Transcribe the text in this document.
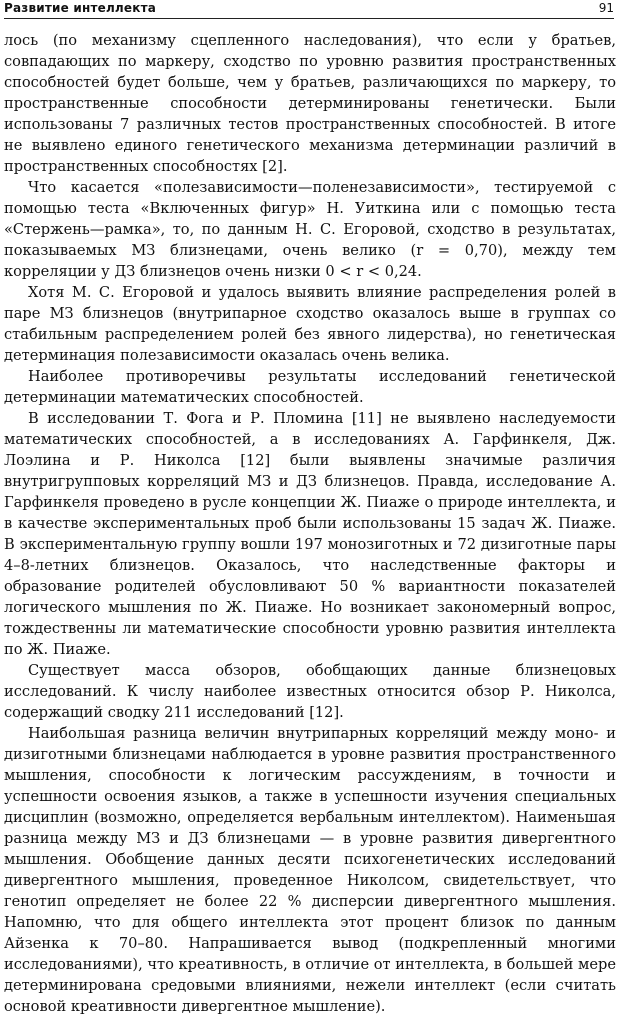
Развитие интеллекта	91

лось (по механизму сцепленного наследования), что если у братьев, совпадающих по маркеру, сходство по уровню развития пространственных способностей будет больше, чем у братьев, различающихся по маркеру, то пространственные способности детерминированы генетически. Были использованы 7 различных тестов пространственных способностей. В итоге не выявлено единого генетического механизма детерминации различий в пространственных способностях [2].

Что касается «полезависимости—поленезависимости», тестируемой с помощью теста «Включенных фигур» Н. Уиткина или с помощью теста «Стержень—рамка», то, по данным Н. С. Егоровой, сходство в результатах, показываемых МЗ близнецами, очень велико (r = 0,70), между тем корреляции у ДЗ близнецов очень низки 0 < r < 0,24.

Хотя М. С. Егоровой и удалось выявить влияние распределения ролей в паре МЗ близнецов (внутрипарное сходство оказалось выше в группах со стабильным распределением ролей без явного лидерства), но генетическая детерминация полезависимости оказалась очень велика.

Наиболее противоречивы результаты исследований генетической детерминации математических способностей.

В исследовании Т. Фога и Р. Пломина [11] не выявлено наследуемости математических способностей, а в исследованиях А. Гарфинкеля, Дж. Лоэлина и Р. Николса [12] были выявлены значимые различия внутригрупповых корреляций МЗ и ДЗ близнецов. Правда, исследование А. Гарфинкеля проведено в русле концепции Ж. Пиаже о природе интеллекта, и в качестве экспериментальных проб были использованы 15 задач Ж. Пиаже. В экспериментальную группу вошли 197 монозиготных и 72 дизиготные пары 4–8-летних близнецов. Оказалось, что наследственные факторы и образование родителей обусловливают 50 % вариантности показателей логического мышления по Ж. Пиаже. Но возникает закономерный вопрос, тождественны ли математические способности уровню развития интеллекта по Ж. Пиаже.

Существует масса обзоров, обобщающих данные близнецовых исследований. К числу наиболее известных относится обзор Р. Николса, содержащий сводку 211 исследований [12].

Наибольшая разница величин внутрипарных корреляций между моно- и дизиготными близнецами наблюдается в уровне развития пространственного мышления, способности к логическим рассуждениям, в точности и успешности освоения языков, а также в успешности изучения специальных дисциплин (возможно, определяется вербальным интеллектом). Наименьшая разница между МЗ и ДЗ близнецами — в уровне развития дивергентного мышления. Обобщение данных десяти психогенетических исследований дивергентного мышления, проведенное Николсом, свидетельствует, что генотип определяет не более 22 % дисперсии дивергентного мышления. Напомню, что для общего интеллекта этот процент близок по данным Айзенка к 70–80. Напрашивается вывод (подкрепленный многими исследованиями), что креативность, в отличие от интеллекта, в большей мере детерминирована средовыми влияниями, нежели интеллект (если считать основой креативности дивергентное мышление).
